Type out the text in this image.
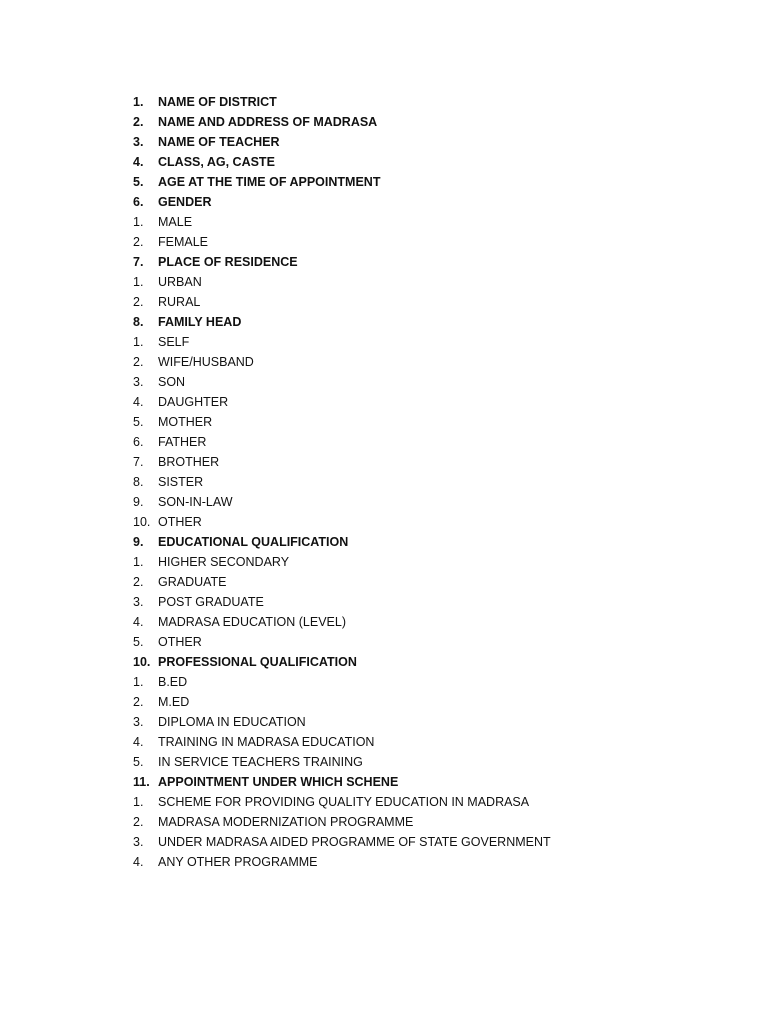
1.	NAME OF DISTRICT
2.	NAME AND ADDRESS OF MADRASA
3.	NAME OF TEACHER
4.	CLASS, AG, CASTE
5.	AGE AT THE TIME OF APPOINTMENT
6.	GENDER
1.	MALE
2.	FEMALE
7.	PLACE OF RESIDENCE
1.	URBAN
2.	RURAL
8.	FAMILY HEAD
1.	SELF
2.	WIFE/HUSBAND
3.	SON
4.	DAUGHTER
5.	MOTHER
6.	FATHER
7.	BROTHER
8.	SISTER
9.	SON-IN-LAW
10. OTHER
9.	EDUCATIONAL QUALIFICATION
1.	HIGHER SECONDARY
2.	GRADUATE
3.	POST GRADUATE
4.	MADRASA EDUCATION (LEVEL)
5.	OTHER
10. PROFESSIONAL QUALIFICATION
1.	B.ED
2.	M.ED
3.	DIPLOMA IN EDUCATION
4.	TRAINING IN MADRASA EDUCATION
5.	IN SERVICE TEACHERS TRAINING
11. APPOINTMENT UNDER WHICH SCHENE
1.	SCHEME FOR PROVIDING QUALITY EDUCATION IN MADRASA
2.	MADRASA MODERNIZATION PROGRAMME
3.	UNDER MADRASA AIDED PROGRAMME OF STATE GOVERNMENT
4.	ANY OTHER PROGRAMME
